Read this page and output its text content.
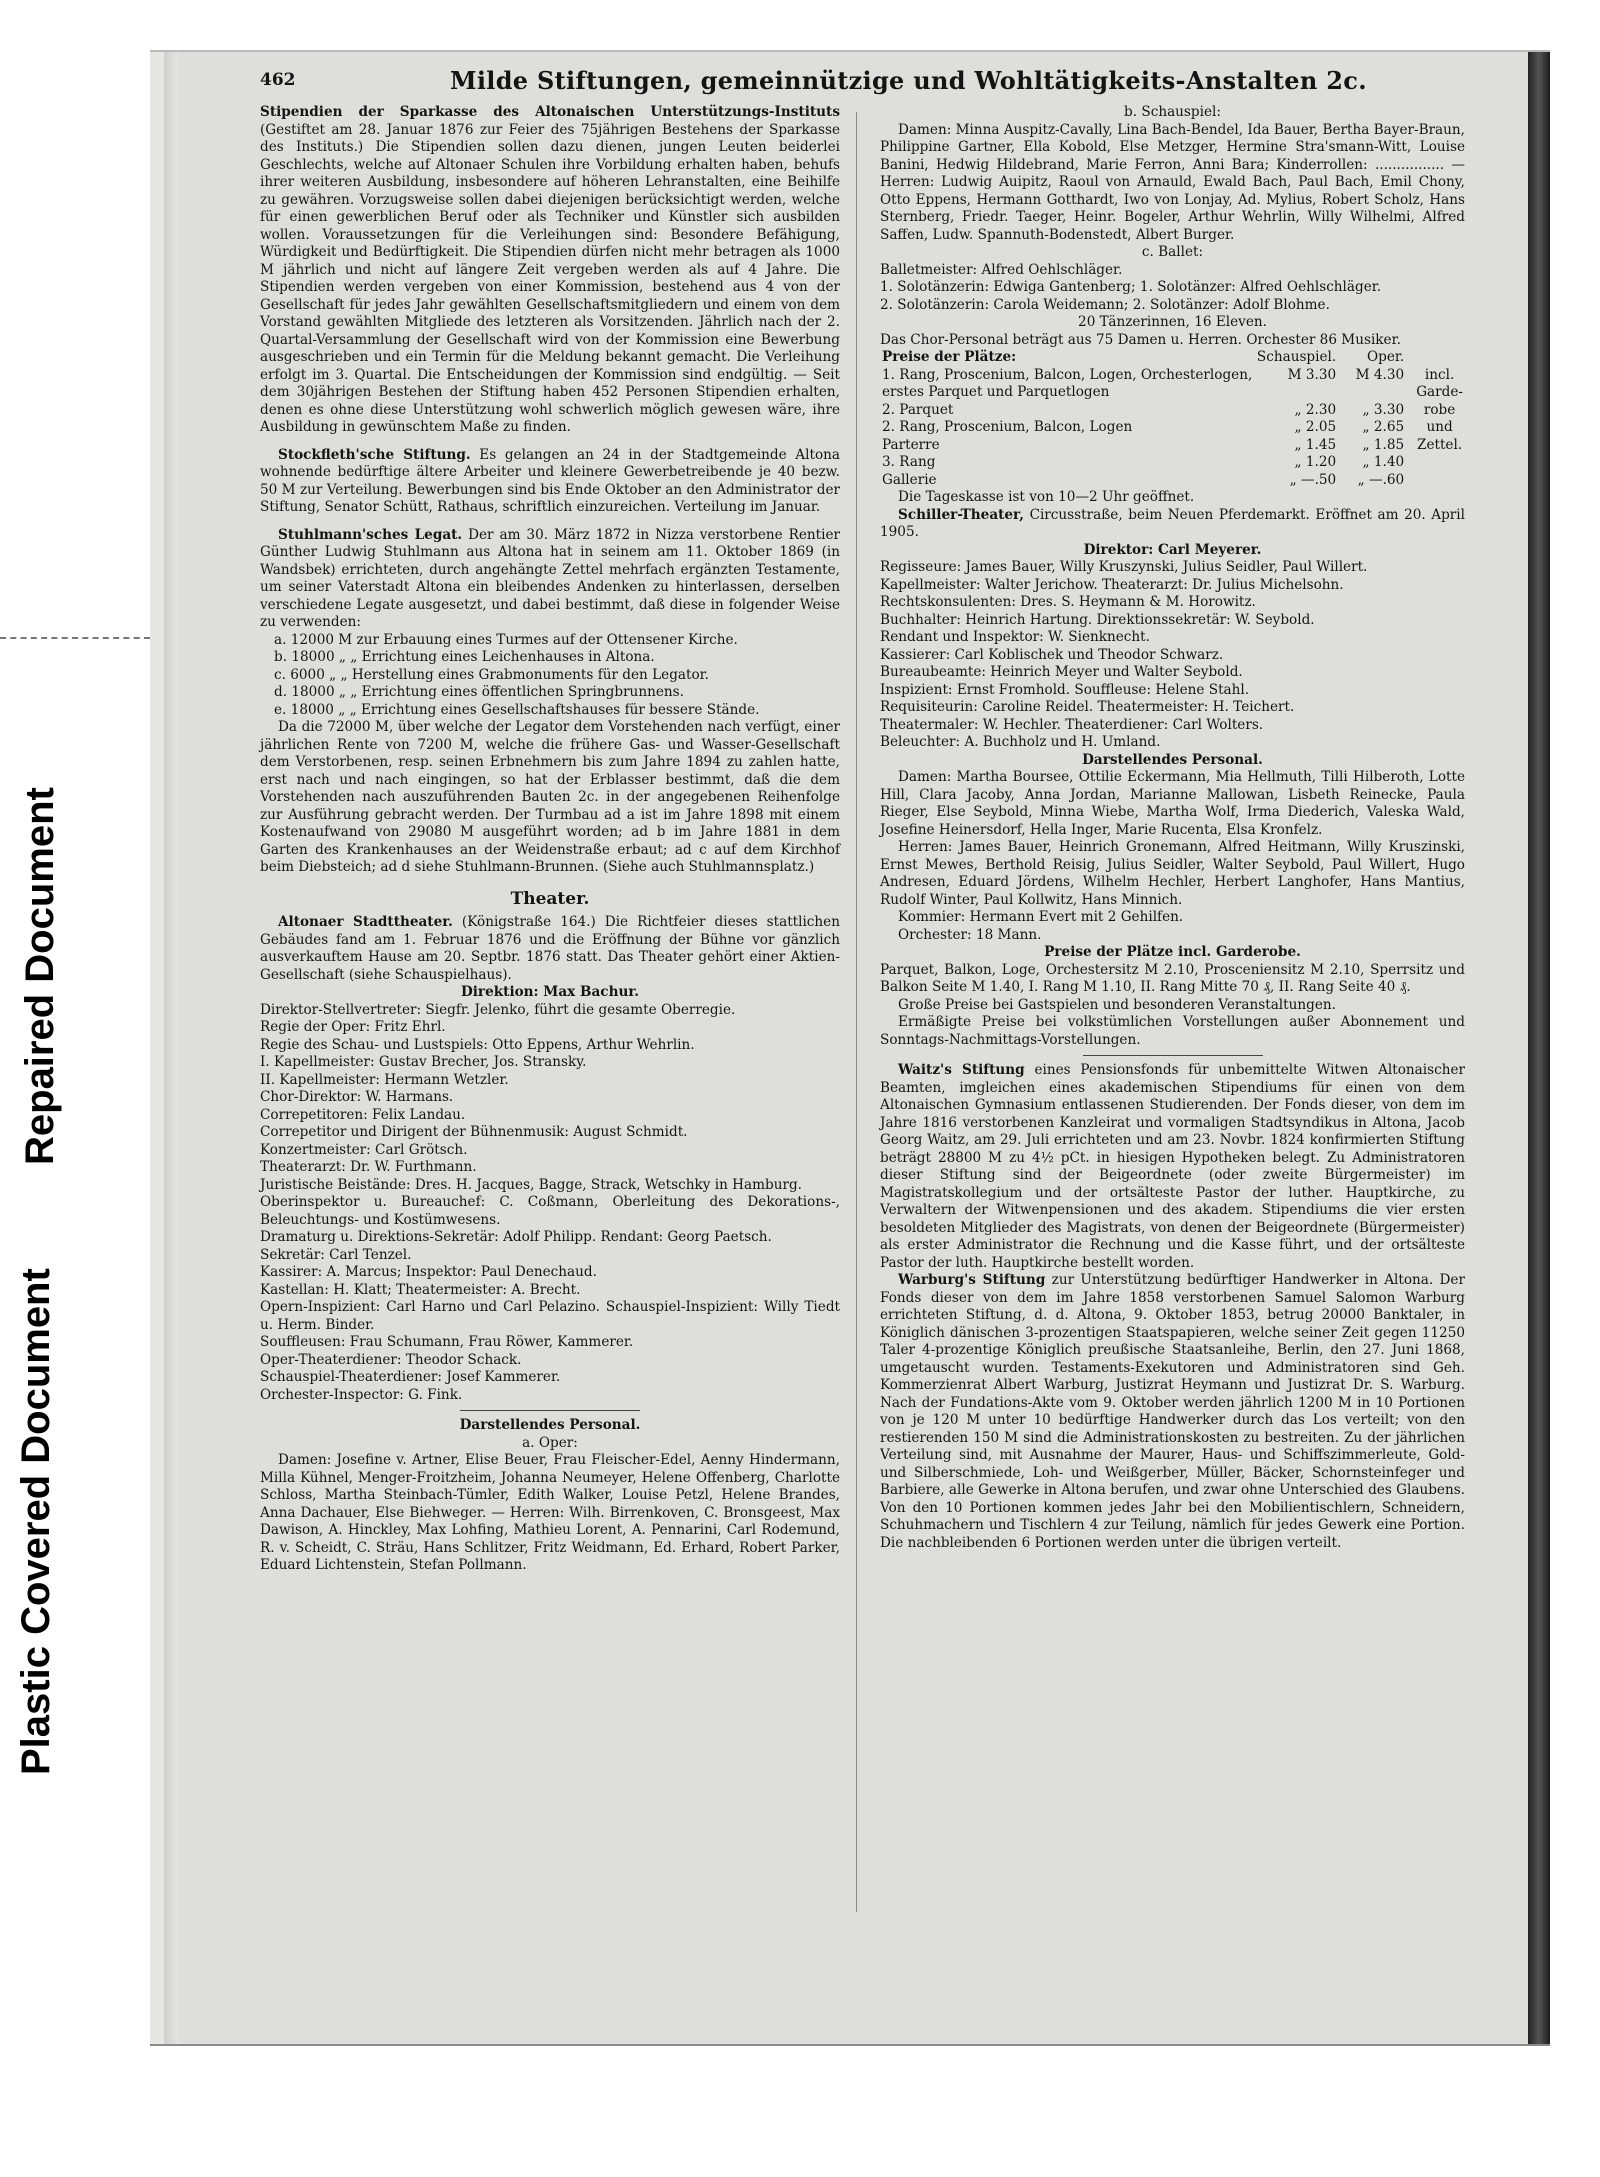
Plastic Covered Document
Repaired Document
462	Milde Stiftungen, gemeinnützige und Wohltätigkeits-Anstalten 2c.

Stipendien der Sparkasse des Altonaischen Unterstützungs-Instituts (Gestiftet am 28. Januar 1876 zur Feier des 75jährigen Bestehens der Sparkasse des Instituts.) Die Stipendien sollen dazu dienen, jungen Leuten beiderlei Geschlechts, welche auf Altonaer Schulen ihre Vorbildung erhalten haben, behufs ihrer weiteren Ausbildung, insbesondere auf höheren Lehranstalten, eine Beihilfe zu gewähren. Vorzugsweise sollen dabei diejenigen berücksichtigt werden, welche für einen gewerblichen Beruf oder als Techniker und Künstler sich ausbilden wollen. Voraussetzungen für die Verleihungen sind: Besondere Befähigung, Würdigkeit und Bedürftigkeit. Die Stipendien dürfen nicht mehr betragen als 1000 M jährlich und nicht auf längere Zeit vergeben werden als auf 4 Jahre. Die Stipendien werden vergeben von einer Kommission, bestehend aus 4 von der Gesellschaft für jedes Jahr gewählten Gesellschaftsmitgliedern und einem von dem Vorstand gewählten Mitgliede des letzteren als Vorsitzenden. Jährlich nach der 2. Quartal-Versammlung der Gesellschaft wird von der Kommission eine Bewerbung ausgeschrieben und ein Termin für die Meldung bekannt gemacht. Die Verleihung erfolgt im 3. Quartal. Die Entscheidungen der Kommission sind endgültig. — Seit dem 30jährigen Bestehen der Stiftung haben 452 Personen Stipendien erhalten, denen es ohne diese Unterstützung wohl schwerlich möglich gewesen wäre, ihre Ausbildung in gewünschtem Maße zu finden.

Stockfleth'sche Stiftung. Es gelangen an 24 in der Stadtgemeinde Altona wohnende bedürftige ältere Arbeiter und kleinere Gewerbetreibende je 40 bezw. 50 M zur Verteilung. Bewerbungen sind bis Ende Oktober an den Administrator der Stiftung, Senator Schütt, Rathaus, schriftlich einzureichen. Verteilung im Januar.

Stuhlmann'sches Legat. Der am 30. März 1872 in Nizza verstorbene Rentier Günther Ludwig Stuhlmann aus Altona hat in seinem am 11. Oktober 1869 (in Wandsbek) errichteten, durch angehängte Zettel mehrfach ergänzten Testamente, um seiner Vaterstadt Altona ein bleibendes Andenken zu hinterlassen, derselben verschiedene Legate ausgesetzt, und dabei bestimmt, daß diese in folgender Weise zu verwenden:

a. 12000 M zur Erbauung eines Turmes auf der Ottensener Kirche.

b. 18000 „ „ Errichtung eines Leichenhauses in Altona.

c. 6000 „ „ Herstellung eines Grabmonuments für den Legator.

d. 18000 „ „ Errichtung eines öffentlichen Springbrunnens.

e. 18000 „ „ Errichtung eines Gesellschaftshauses für bessere Stände.

Da die 72000 M, über welche der Legator dem Vorstehenden nach verfügt, einer jährlichen Rente von 7200 M, welche die frühere Gas- und Wasser-Gesellschaft dem Verstorbenen, resp. seinen Erbnehmern bis zum Jahre 1894 zu zahlen hatte, erst nach und nach eingingen, so hat der Erblasser bestimmt, daß die dem Vorstehenden nach auszuführenden Bauten 2c. in der angegebenen Reihenfolge zur Ausführung gebracht werden. Der Turmbau ad a ist im Jahre 1898 mit einem Kostenaufwand von 29080 M ausgeführt worden; ad b im Jahre 1881 in dem Garten des Krankenhauses an der Weidenstraße erbaut; ad c auf dem Kirchhof beim Diebsteich; ad d siehe Stuhlmann-Brunnen. (Siehe auch Stuhlmannsplatz.)

Theater.

Altonaer Stadttheater. (Königstraße 164.) Die Richtfeier dieses stattlichen Gebäudes fand am 1. Februar 1876 und die Eröffnung der Bühne vor gänzlich ausverkauftem Hause am 20. Septbr. 1876 statt. Das Theater gehört einer Aktien-Gesellschaft (siehe Schauspielhaus).

Direktion: Max Bachur.

Direktor-Stellvertreter: Siegfr. Jelenko, führt die gesamte Oberregie.

Regie der Oper: Fritz Ehrl.

Regie des Schau- und Lustspiels: Otto Eppens, Arthur Wehrlin.

I. Kapellmeister: Gustav Brecher, Jos. Stransky.

II. Kapellmeister: Hermann Wetzler.

Chor-Direktor: W. Harmans.

Correpetitoren: Felix Landau.

Correpetitor und Dirigent der Bühnenmusik: August Schmidt.

Konzertmeister: Carl Grötsch.

Theaterarzt: Dr. W. Furthmann.

Juristische Beistände: Dres. H. Jacques, Bagge, Strack, Wetschky in Hamburg.

Oberinspektor u. Bureauchef: C. Coßmann, Oberleitung des Dekorations-, Beleuchtungs- und Kostümwesens.

Dramaturg u. Direktions-Sekretär: Adolf Philipp. Rendant: Georg Paetsch.

Sekretär: Carl Tenzel.

Kassirer: A. Marcus; Inspektor: Paul Denechaud.

Kastellan: H. Klatt; Theatermeister: A. Brecht.

Opern-Inspizient: Carl Harno und Carl Pelazino. Schauspiel-Inspizient: Willy Tiedt u. Herm. Binder.

Souffleusen: Frau Schumann, Frau Röwer, Kammerer.

Oper-Theaterdiener: Theodor Schack.

Schauspiel-Theaterdiener: Josef Kammerer.

Orchester-Inspector: G. Fink.

Darstellendes Personal.

a. Oper:

Damen: Josefine v. Artner, Elise Beuer, Frau Fleischer-Edel, Aenny Hindermann, Milla Kühnel, Menger-Froitzheim, Johanna Neumeyer, Helene Offenberg, Charlotte Schloss, Martha Steinbach-Tümler, Edith Walker, Louise Petzl, Helene Brandes, Anna Dachauer, Else Biehweger. — Herren: Wilh. Birrenkoven, C. Bronsgeest, Max Dawison, A. Hinckley, Max Lohfing, Mathieu Lorent, A. Pennarini, Carl Rodemund, R. v. Scheidt, C. Sträu, Hans Schlitzer, Fritz Weidmann, Ed. Erhard, Robert Parker, Eduard Lichtenstein, Stefan Pollmann.

b. Schauspiel:

Damen: Minna Auspitz-Cavally, Lina Bach-Bendel, Ida Bauer, Bertha Bayer-Braun, Philippine Gartner, Ella Kobold, Else Metzger, Hermine Stra'smann-Witt, Louise Banini, Hedwig Hildebrand, Marie Ferron, Anni Bara; Kinderrollen: ................ — Herren: Ludwig Auipitz, Raoul von Arnauld, Ewald Bach, Paul Bach, Emil Chony, Otto Eppens, Hermann Gotthardt, Iwo von Lonjay, Ad. Mylius, Robert Scholz, Hans Sternberg, Friedr. Taeger, Heinr. Bogeler, Arthur Wehrlin, Willy Wilhelmi, Alfred Saffen, Ludw. Spannuth-Bodenstedt, Albert Burger.

c. Ballet:

Balletmeister: Alfred Oehlschläger.

1. Solotänzerin: Edwiga Gantenberg; 1. Solotänzer: Alfred Oehlschläger.

2. Solotänzerin: Carola Weidemann; 2. Solotänzer: Adolf Blohme.

20 Tänzerinnen, 16 Eleven.

Das Chor-Personal beträgt aus 75 Damen u. Herren. Orchester 86 Musiker.

Preise der Plätze:	Schauspiel.	Oper.	
1. Rang, Proscenium, Balcon, Logen, Orchesterlogen, erstes Parquet und Parquetlogen	M 3.30	M 4.30	incl.
Garde-
robe
und
Zettel.
2. Parquet	„ 2.30	„ 3.30	
2. Rang, Proscenium, Balcon, Logen	„ 2.05	„ 2.65	
Parterre	„ 1.45	„ 1.85	
3. Rang	„ 1.20	„ 1.40	
Gallerie	„ —.50	„ —.60	

Die Tageskasse ist von 10—2 Uhr geöffnet.

Schiller-Theater, Circusstraße, beim Neuen Pferdemarkt. Eröffnet am 20. April 1905.

Direktor: Carl Meyerer.

Regisseure: James Bauer, Willy Kruszynski, Julius Seidler, Paul Willert.

Kapellmeister: Walter Jerichow. Theaterarzt: Dr. Julius Michelsohn.

Rechtskonsulenten: Dres. S. Heymann & M. Horowitz.

Buchhalter: Heinrich Hartung. Direktionssekretär: W. Seybold.

Rendant und Inspektor: W. Sienknecht.

Kassierer: Carl Koblischek und Theodor Schwarz.

Bureaubeamte: Heinrich Meyer und Walter Seybold.

Inspizient: Ernst Fromhold. Souffleuse: Helene Stahl.

Requisiteurin: Caroline Reidel. Theatermeister: H. Teichert.

Theatermaler: W. Hechler. Theaterdiener: Carl Wolters.

Beleuchter: A. Buchholz und H. Umland.

Darstellendes Personal.

Damen: Martha Boursee, Ottilie Eckermann, Mia Hellmuth, Tilli Hilberoth, Lotte Hill, Clara Jacoby, Anna Jordan, Marianne Mallowan, Lisbeth Reinecke, Paula Rieger, Else Seybold, Minna Wiebe, Martha Wolf, Irma Diederich, Valeska Wald, Josefine Heinersdorf, Hella Inger, Marie Rucenta, Elsa Kronfelz.

Herren: James Bauer, Heinrich Gronemann, Alfred Heitmann, Willy Kruszinski, Ernst Mewes, Berthold Reisig, Julius Seidler, Walter Seybold, Paul Willert, Hugo Andresen, Eduard Jördens, Wilhelm Hechler, Herbert Langhofer, Hans Mantius, Rudolf Winter, Paul Kollwitz, Hans Minnich.

Kommier: Hermann Evert mit 2 Gehilfen.

Orchester: 18 Mann.

Preise der Plätze incl. Garderobe.

Parquet, Balkon, Loge, Orchestersitz M 2.10, Prosceniensitz M 2.10, Sperrsitz und Balkon Seite M 1.40, I. Rang M 1.10, II. Rang Mitte 70 ₰, II. Rang Seite 40 ₰.

Große Preise bei Gastspielen und besonderen Veranstaltungen.

Ermäßigte Preise bei volkstümlichen Vorstellungen außer Abonnement und Sonntags-Nachmittags-Vorstellungen.

Waitz's Stiftung eines Pensionsfonds für unbemittelte Witwen Altonaischer Beamten, imgleichen eines akademischen Stipendiums für einen von dem Altonaischen Gymnasium entlassenen Studierenden. Der Fonds dieser, von dem im Jahre 1816 verstorbenen Kanzleirat und vormaligen Stadtsyndikus in Altona, Jacob Georg Waitz, am 29. Juli errichteten und am 23. Novbr. 1824 konfirmierten Stiftung beträgt 28800 M zu 4½ pCt. in hiesigen Hypotheken belegt. Zu Administratoren dieser Stiftung sind der Beigeordnete (oder zweite Bürgermeister) im Magistratskollegium und der ortsälteste Pastor der luther. Hauptkirche, zu Verwaltern der Witwenpensionen und des akadem. Stipendiums die vier ersten besoldeten Mitglieder des Magistrats, von denen der Beigeordnete (Bürgermeister) als erster Administrator die Rechnung und die Kasse führt, und der ortsälteste Pastor der luth. Hauptkirche bestellt worden.

Warburg's Stiftung zur Unterstützung bedürftiger Handwerker in Altona. Der Fonds dieser von dem im Jahre 1858 verstorbenen Samuel Salomon Warburg errichteten Stiftung, d. d. Altona, 9. Oktober 1853, betrug 20000 Banktaler, in Königlich dänischen 3-prozentigen Staatspapieren, welche seiner Zeit gegen 11250 Taler 4-prozentige Königlich preußische Staatsanleihe, Berlin, den 27. Juni 1868, umgetauscht wurden. Testaments-Exekutoren und Administratoren sind Geh. Kommerzienrat Albert Warburg, Justizrat Heymann und Justizrat Dr. S. Warburg. Nach der Fundations-Akte vom 9. Oktober werden jährlich 1200 M in 10 Portionen von je 120 M unter 10 bedürftige Handwerker durch das Los verteilt; von den restierenden 150 M sind die Administrationskosten zu bestreiten. Zu der jährlichen Verteilung sind, mit Ausnahme der Maurer, Haus- und Schiffszimmerleute, Gold- und Silberschmiede, Loh- und Weißgerber, Müller, Bäcker, Schornsteinfeger und Barbiere, alle Gewerke in Altona berufen, und zwar ohne Unterschied des Glaubens. Von den 10 Portionen kommen jedes Jahr bei den Mobilientischlern, Schneidern, Schuhmachern und Tischlern 4 zur Teilung, nämlich für jedes Gewerk eine Portion. Die nachbleibenden 6 Portionen werden unter die übrigen verteilt.
